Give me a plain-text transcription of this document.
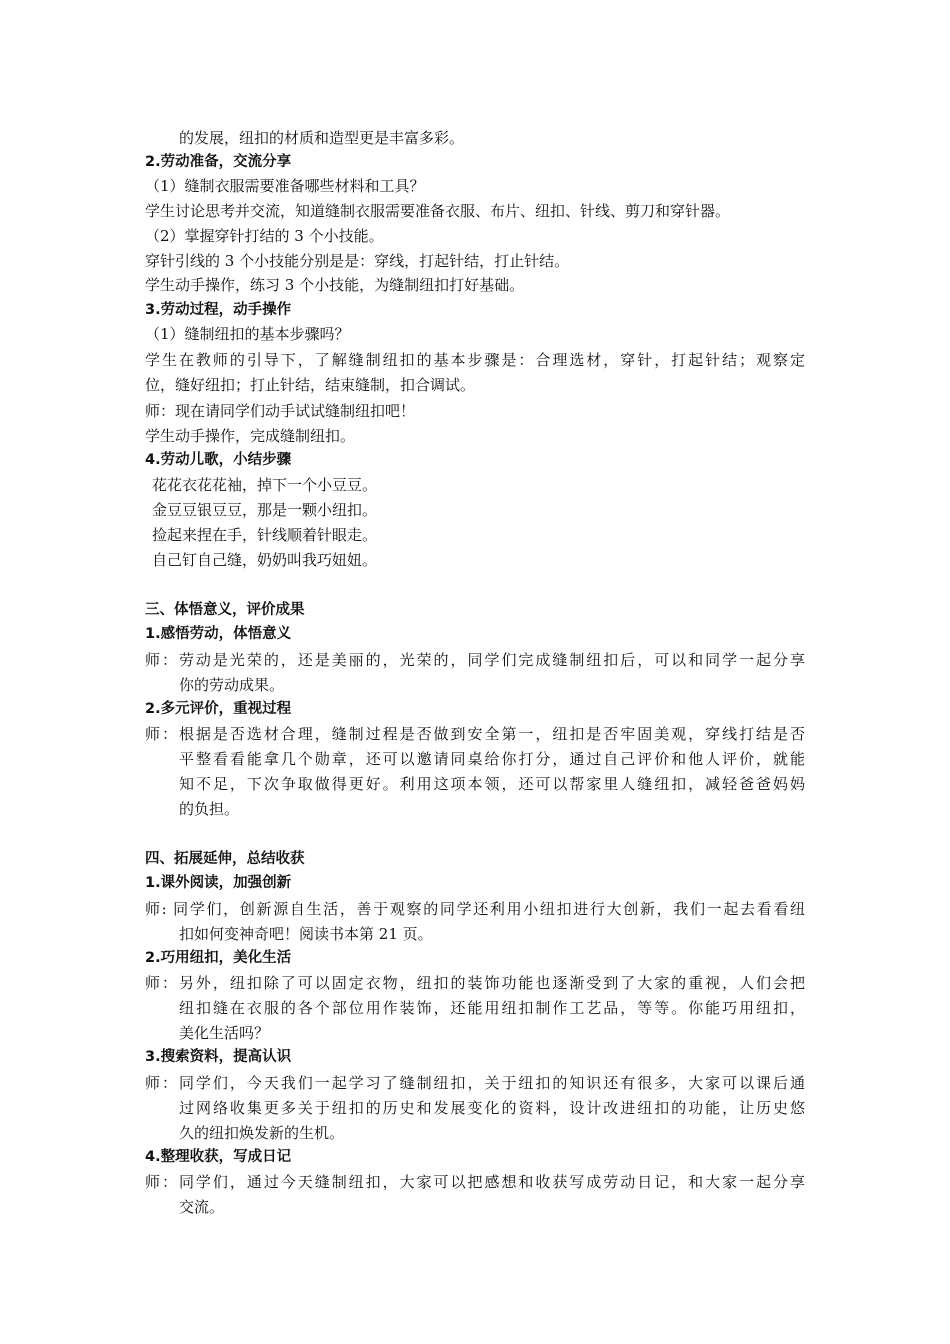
的发展，纽扣的材质和造型更是丰富多彩。
2.劳动准备，交流分享
（1）缝制衣服需要准备哪些材料和工具？
学生讨论思考并交流，知道缝制衣服需要准备衣服、布片、纽扣、针线、剪刀和穿针器。
（2）掌握穿针打结的 3 个小技能。
穿针引线的 3 个小技能分别是是：穿线，打起针结，打止针结。
学生动手操作，练习 3 个小技能，为缝制纽扣打好基础。
3.劳动过程，动手操作
（1）缝制纽扣的基本步骤吗？
学生在教师的引导下，了解缝制纽扣的基本步骤是：合理选材，穿针，打起针结；观察定
位，缝好纽扣；打止针结，结束缝制，扣合调试。
师：现在请同学们动手试试缝制纽扣吧！
学生动手操作，完成缝制纽扣。
4.劳动儿歌，小结步骤
花花衣花花袖，掉下一个小豆豆。
金豆豆银豆豆，那是一颗小纽扣。
捡起来捏在手，针线顺着针眼走。
自己钉自己缝，奶奶叫我巧妞妞。
三、体悟意义，评价成果
1.感悟劳动，体悟意义
师：劳动是光荣的，还是美丽的，光荣的，同学们完成缝制纽扣后，可以和同学一起分享
你的劳动成果。
2.多元评价，重视过程
师：根据是否选材合理，缝制过程是否做到安全第一，纽扣是否牢固美观，穿线打结是否
平整看看能拿几个勋章，还可以邀请同桌给你打分，通过自己评价和他人评价，就能
知不足，下次争取做得更好。利用这项本领，还可以帮家里人缝纽扣，减轻爸爸妈妈
的负担。
四、拓展延伸，总结收获
1.课外阅读，加强创新
师: 同学们，创新源自生活，善于观察的同学还利用小纽扣进行大创新，我们一起去看看纽
扣如何变神奇吧！阅读书本第 21 页。
2.巧用纽扣，美化生活
师：另外，纽扣除了可以固定衣物，纽扣的装饰功能也逐渐受到了大家的重视，人们会把
纽扣缝在衣服的各个部位用作装饰，还能用纽扣制作工艺品，等等。你能巧用纽扣，
美化生活吗？
3.搜索资料，提高认识
师：同学们，今天我们一起学习了缝制纽扣，关于纽扣的知识还有很多，大家可以课后通
过网络收集更多关于纽扣的历史和发展变化的资料，设计改进纽扣的功能，让历史悠
久的纽扣焕发新的生机。
4.整理收获，写成日记
师：同学们，通过今天缝制纽扣，大家可以把感想和收获写成劳动日记，和大家一起分享
交流。
